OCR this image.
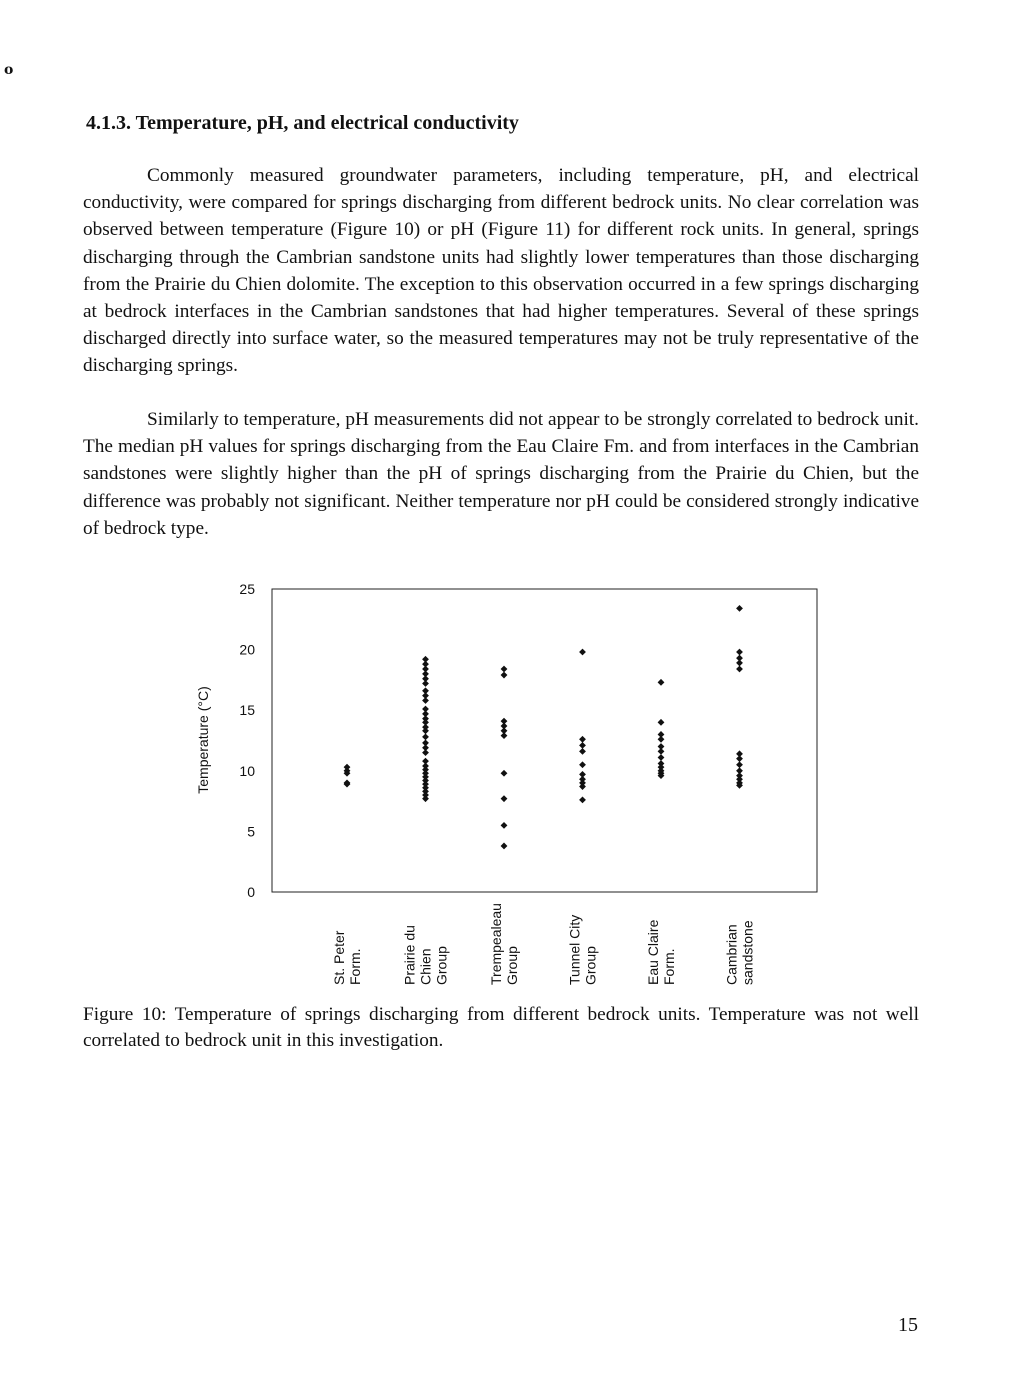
o
4.1.3. Temperature, pH, and electrical conductivity

Commonly measured groundwater parameters, including temperature, pH, and electrical conductivity, were compared for springs discharging from different bedrock units. No clear correlation was observed between temperature (Figure 10) or pH (Figure 11) for different rock units. In general, springs discharging through the Cambrian sandstone units had slightly lower temperatures than those discharging from the Prairie du Chien dolomite. The exception to this observation occurred in a few springs discharging at bedrock interfaces in the Cambrian sandstones that had higher temperatures. Several of these springs discharged directly into surface water, so the measured temperatures may not be truly representative of the discharging springs.

Similarly to temperature, pH measurements did not appear to be strongly correlated to bedrock unit. The median pH values for springs discharging from the Eau Claire Fm. and from interfaces in the Cambrian sandstones were slightly higher than the pH of springs discharging from the Prairie du Chien, but the difference was probably not significant. Neither temperature nor pH could be considered strongly indicative of bedrock type.

Temperature (°C)
0
5
10
15
20
25
St. Peter Form.	Prairie du Chien Group	Trempealeau Group	Tunnel City Group	Eau Claire Form.	Cambrian sandstone
Figure 10: Temperature of springs discharging from different bedrock units. Temperature was not well correlated to bedrock unit in this investigation.
15
